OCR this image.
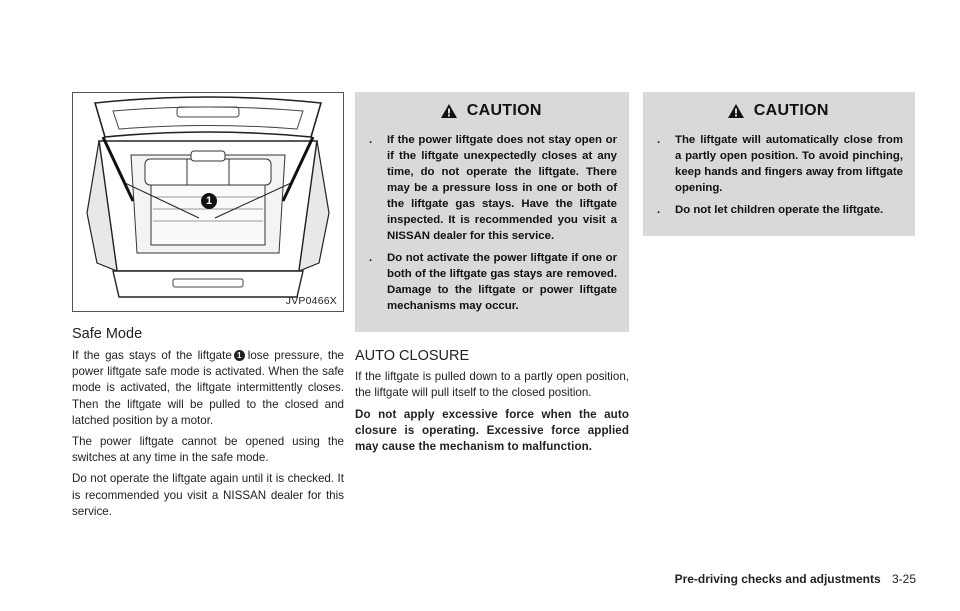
1
JVP0466X
Safe Mode

If the gas stays of the liftgate 1 lose pressure, the power liftgate safe mode is activated. When the safe mode is activated, the liftgate intermittently closes. Then the liftgate will be pulled to the closed and latched position by a motor.

The power liftgate cannot be opened using the switches at any time in the safe mode.

Do not operate the liftgate again until it is checked. It is recommended you visit a NISSAN dealer for this service.

CAUTION
. If the power liftgate does not stay open or if the liftgate unexpectedly closes at any time, do not operate the liftgate. There may be a pressure loss in one or both of the liftgate gas stays. Have the liftgate inspected. It is recommended you visit a NISSAN dealer for this service.
. Do not activate the power liftgate if one or both of the liftgate gas stays are removed. Damage to the liftgate or power liftgate mechanisms may occur.
AUTO CLOSURE

If the liftgate is pulled down to a partly open position, the liftgate will pull itself to the closed position.

Do not apply excessive force when the auto closure is operating. Excessive force applied may cause the mechanism to malfunction.

CAUTION
. The liftgate will automatically close from a partly open position. To avoid pinching, keep hands and fingers away from liftgate opening.
. Do not let children operate the liftgate.
Pre-driving checks and adjustments 3-25
